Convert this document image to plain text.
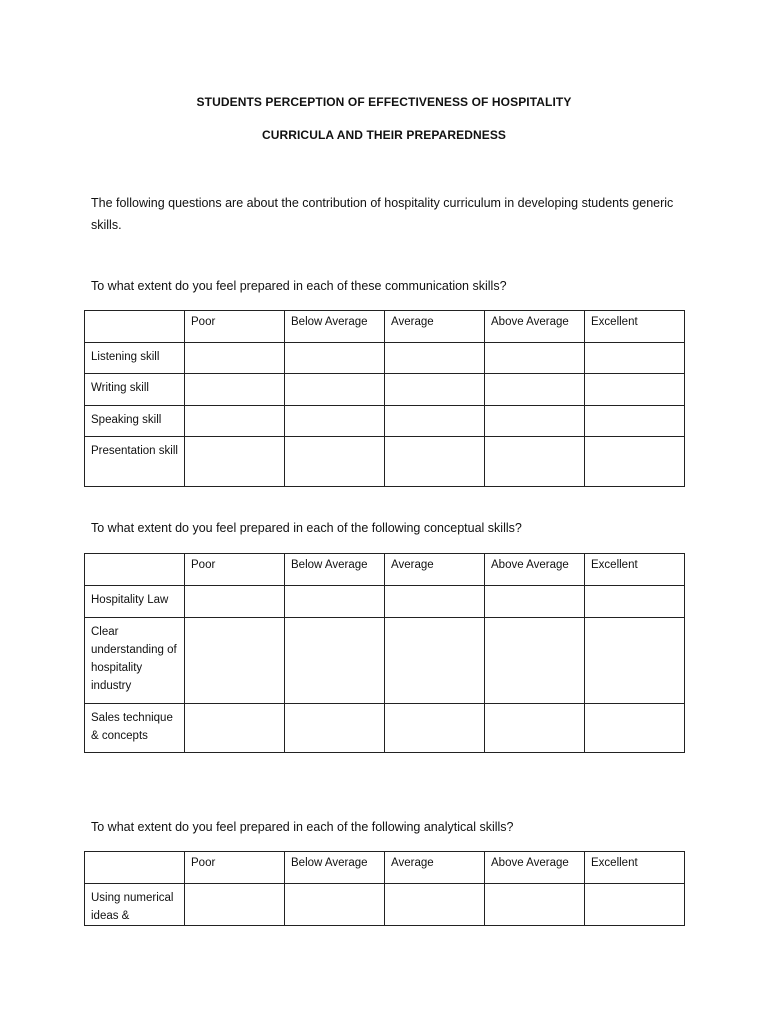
STUDENTS PERCEPTION OF EFFECTIVENESS OF HOSPITALITY
CURRICULA AND THEIR PREPAREDNESS
The following questions are about the contribution of hospitality curriculum in developing students generic skills.
To what extent do you feel prepared in each of these communication skills?
	Poor	Below Average	Average	Above Average	Excellent
Listening skill					
Writing skill					
Speaking skill					
Presentation skill					
To what extent do you feel prepared in each of the following conceptual skills?
	Poor	Below Average	Average	Above Average	Excellent
Hospitality Law					
Clear understanding of hospitality industry					
Sales technique & concepts					
To what extent do you feel prepared in each of the following analytical skills?
	Poor	Below Average	Average	Above Average	Excellent
Using numerical ideas &					
